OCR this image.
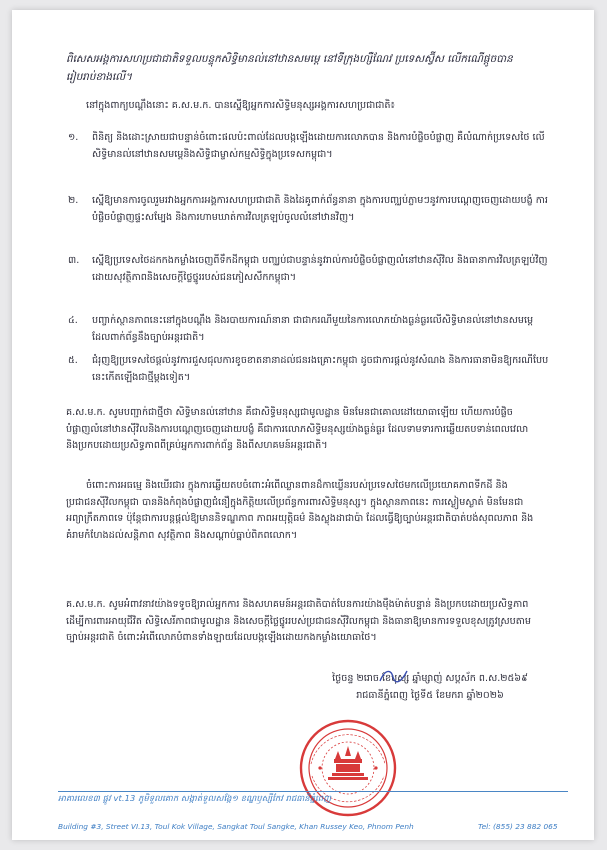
ពិសេសអង្គការសហប្រជាជាតិទទួលបន្ទុកសិទ្ធិមានល់នៅឋានសមមេ្ត នៅទីក្រុងហ្សឺណែវ ប្រទេសស្វ៊ីស លើកណើផ្ដូចបានរៀបរាប់ខាងលើ។
នៅក្នុងពាក្យបណ្ដឹងនោះ គ.ស.ម.ក. បានស្នើឱ្យអ្នកការសិទ្ធិមនុស្សអង្គការសហប្រជាជាតិ៖
១. ពិនិត្យ និងដោះស្រាយជាបន្ទាន់ចំពោះផលប៉ះពាល់ដែលបង្កឡើងដោយការលោភបាន និងការបំផ្លិចបំផ្លាញ គឺលំណាក់ប្រទេសថៃ លើសិទ្ធិមានល់នៅឋានសមមេ្តនិងសិទ្ធិជាម្ចាស់កម្មសិទ្ធិក្នុងប្រទេសកម្ពុជា។
២. ស្នើឱ្យមានការចូលរួមរវាងអ្នកការអង្គការសហប្រជាជាតិ និងដៃគូពាក់ព័ន្ធនានា ក្នុងការបញ្ឈប់ភ្លាមៗនូវការបណ្ដេញចេញដោយបង្ខំ ការបំផ្លិចបំផ្លាញផ្ទះសម្បែង និងការហាមឃាត់ការវិលត្រឡប់ចូលលំនៅឋានវិញ។
៣. ស្នើឱ្យប្រទេសថៃដកកងកម្លាំងចេញពីទឹកដីកម្ពុជា បញ្ឈប់ជាបន្ទាន់នូវរាល់ការបំផ្លិចបំផ្លាញលំនៅឋានស៊ីវិល និងធានាការវិលត្រឡប់វិញដោយសុវត្ថិភាពនិងសេចក្ដីថ្លៃថ្នូររបស់ជនភៀសសឹកកម្ពុជា។
៤. បញ្ចាក់ស្ថានភាពនេះនៅក្នុងបណ្ដឹង និងរបាយការណ៍នានា ជាជាករណីមួយនៃការលោភយ៉ាងធ្ងន់ធ្ងរលើសិទ្ធិមានល់នៅឋានសមមេ្ត ដែលពាក់ព័ន្ធនឹងច្បាប់អន្តរជាតិ។
៥. ជំរុញឱ្យប្រទេសថៃផ្ដល់នូវការជួសជុលការខូចខាតនានាដល់ជនរងគ្រោះកម្ពុជា ដូចជាការផ្ដល់នូវសំណង និងការធានាមិនឱ្យករណីបែបនេះកើតឡើងជាថ្មីម្ដងទៀត។
គ.ស.ម.ក. សូមបញ្ជាក់ជាថ្មីថា សិទ្ធិមានល់នៅឋាន គឺជាសិទ្ធិមនុស្សជាមូលដ្ឋាន មិនមែនជាគោលដៅយោធាឡើយ ហើយការបំផ្លិចបំផ្លាញលំនៅឋានស៊ីវិលនិងការបណ្ដេញចេញដោយបង្ខំ គឺជាការលោភសិទ្ធិមនុស្សយ៉ាងធ្ងន់ធ្ងរ ដែលទាមទារការឆ្លើយតបទាន់ពេលវេលា និងប្រកបដោយប្រសិទ្ធភាពពីគ្រប់អ្នកការពាក់ព័ន្ធ និងពីសហគមន៍អន្តរជាតិ។
ចំពោះការអធមេ្ម និងឃើរជារ ក្នុងការឆ្លើយតបចំពោះអំពើឈ្លានពានដ៏កាឃ្លើនរបស់ប្រទេសថៃមកលើប្រយោគភាពទីកដី និងប្រជាជនស៊ីវិលកម្ពុជា បាននិងកំពុងបំផ្លាញជំនឿក្នុងកិត្តិយលើប្រព័ន្ធការពារសិទ្ធិមនុស្ស។ ក្នុងស្ថានភាពនេះ ការស្ងៀមស្ងាត់ មិនមែនជាអព្យាក្រឹតភាពទេ ប៉ុន្តែជាការបន្តផ្ដល់ឱ្យមាននិទណ្ឌភាព ភាពអយុត្តិធម៌ និងស្លុងដាជាប៉ា ដែលធ្វើឱ្យច្បាប់អន្តរជាតិបាត់បង់សុពលភាព និងគំរាមកំហែងដល់សន្តិភាព សុវត្ថិភាព និងសណ្ដាប់ធ្នាប់ពិភពលោក។
គ.ស.ម.ក. សូមអំពាវនាវយ៉ាងទទូចឱ្យរាល់អ្នកការ និងសហគមន៍អន្តរជាតិបាត់បែនការយ៉ាងម៉ឺងម៉ាត់បន្ទាន់ និងប្រកបដោយប្រសិទ្ធភាព ដើម្បីការពារអាយុជីវិត សិទ្ធិសេរីភាពជាមូលដ្ឋាន និងសេចក្ដីថ្លៃថ្នូររបស់ប្រជាជនស៊ីវិលកម្ពុជា និងធានាឱ្យមានការទទួលខុសត្រូវស្របតាមច្បាប់អន្តរជាតិ ចំពោះអំពើលោភបំពានទាំងឡាយដែលបង្កឡើងដោយកងកម្លាំងយោធាថៃ។
ថ្ងៃចន្ទ ២រោច ខែបុស្ស ឆ្នាំម្សាញ់ សប្តស័ក ព.ស.២៥៦៩
រាជធានីភ្នំពេញ ថ្ងៃទី៥ ខែមករា ឆ្នាំ២០២៦
អាគារលេខ៣ ផ្លូវ vt.13 ភូមិទួលគោក សង្កាត់ទួលសង្កែ១ ខណ្ឌឫស្សីកែវ រាជធានីភ្នំពេញ
Building #3, Street VI.13, Toul Kok Village, Sangkat Toul Sangke, Khan Russey Keo, Phnom Penh	Tel: (855) 23 882 065
